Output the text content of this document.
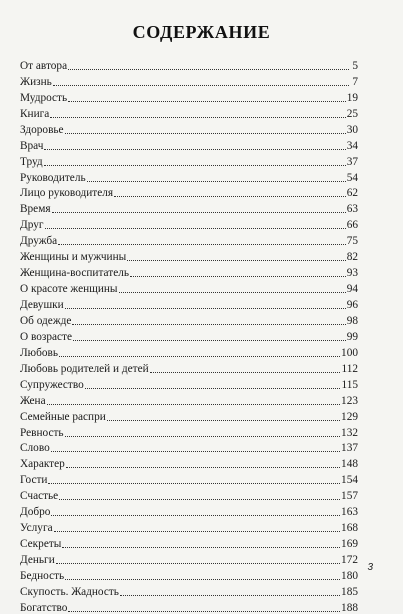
СОДЕРЖАНИЕ
От автора	5
Жизнь	7
Мудрость	19
Книга	25
Здоровье	30
Врач	34
Труд	37
Руководитель	54
Лицо руководителя	62
Время	63
Друг	66
Дружба	75
Женщины и мужчины	82
Женщина-воспитатель	93
О красоте женщины	94
Девушки	96
Об одежде	98
О возрасте	99
Любовь	100
Любовь родителей и детей	112
Супружество	115
Жена	123
Семейные распри	129
Ревность	132
Слово	137
Характер	148
Гости	154
Счастье	157
Добро	163
Услуга	168
Секреты	169
Деньги	172
Бедность	180
Скупость. Жадность	185
Богатство	188
3
